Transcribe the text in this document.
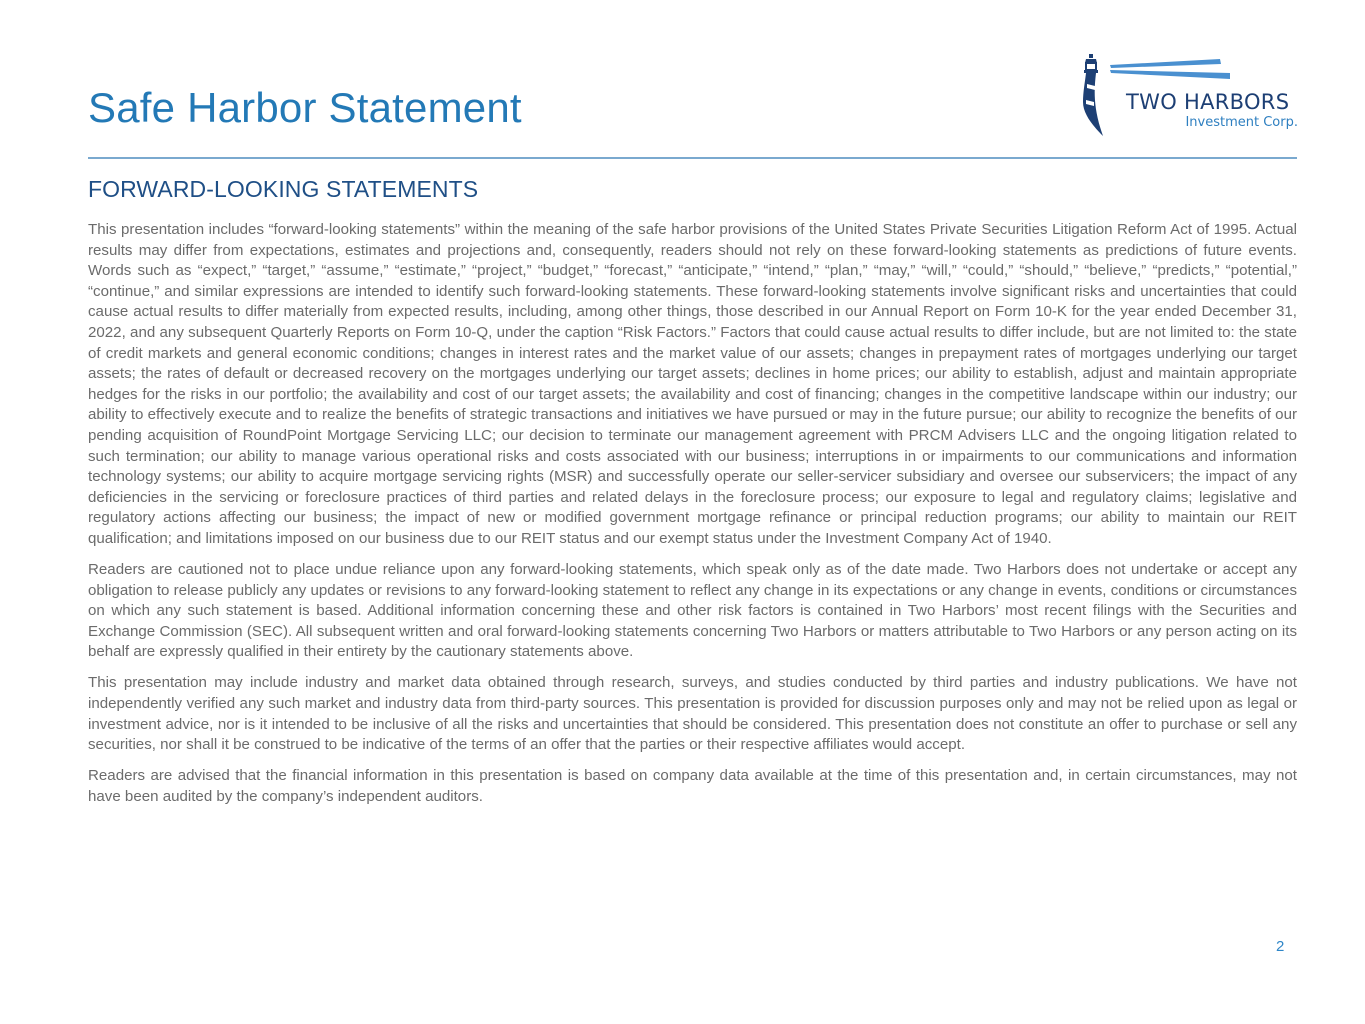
Safe Harbor Statement	TWO HARBORS
Investment Corp.
FORWARD-LOOKING STATEMENTS

This presentation includes “forward-looking statements” within the meaning of the safe harbor provisions of the United States Private Securities Litigation Reform Act of 1995. Actual results may differ from expectations, estimates and projections and, consequently, readers should not rely on these forward-looking statements as predictions of future events. Words such as “expect,” “target,” “assume,” “estimate,” “project,” “budget,” “forecast,” “anticipate,” “intend,” “plan,” “may,” “will,” “could,” “should,” “believe,” “predicts,” “potential,” “continue,” and similar expressions are intended to identify such forward-looking statements. These forward-looking statements involve significant risks and uncertainties that could cause actual results to differ materially from expected results, including, among other things, those described in our Annual Report on Form 10-K for the year ended December 31, 2022, and any subsequent Quarterly Reports on Form 10-Q, under the caption “Risk Factors.” Factors that could cause actual results to differ include, but are not limited to: the state of credit markets and general economic conditions; changes in interest rates and the market value of our assets; changes in prepayment rates of mortgages underlying our target assets; the rates of default or decreased recovery on the mortgages underlying our target assets; declines in home prices; our ability to establish, adjust and maintain appropriate hedges for the risks in our portfolio; the availability and cost of our target assets; the availability and cost of financing; changes in the competitive landscape within our industry; our ability to effectively execute and to realize the benefits of strategic transactions and initiatives we have pursued or may in the future pursue; our ability to recognize the benefits of our pending acquisition of RoundPoint Mortgage Servicing LLC; our decision to terminate our management agreement with PRCM Advisers LLC and the ongoing litigation related to such termination; our ability to manage various operational risks and costs associated with our business; interruptions in or impairments to our communications and information technology systems; our ability to acquire mortgage servicing rights (MSR) and successfully operate our seller-servicer subsidiary and oversee our subservicers; the impact of any deficiencies in the servicing or foreclosure practices of third parties and related delays in the foreclosure process; our exposure to legal and regulatory claims; legislative and regulatory actions affecting our business; the impact of new or modified government mortgage refinance or principal reduction programs; our ability to maintain our REIT qualification; and limitations imposed on our business due to our REIT status and our exempt status under the Investment Company Act of 1940.

Readers are cautioned not to place undue reliance upon any forward-looking statements, which speak only as of the date made. Two Harbors does not undertake or accept any obligation to release publicly any updates or revisions to any forward-looking statement to reflect any change in its expectations or any change in events, conditions or circumstances on which any such statement is based. Additional information concerning these and other risk factors is contained in Two Harbors’ most recent filings with the Securities and Exchange Commission (SEC). All subsequent written and oral forward-looking statements concerning Two Harbors or matters attributable to Two Harbors or any person acting on its behalf are expressly qualified in their entirety by the cautionary statements above.

This presentation may include industry and market data obtained through research, surveys, and studies conducted by third parties and industry publications. We have not independently verified any such market and industry data from third-party sources. This presentation is provided for discussion purposes only and may not be relied upon as legal or investment advice, nor is it intended to be inclusive of all the risks and uncertainties that should be considered. This presentation does not constitute an offer to purchase or sell any securities, nor shall it be construed to be indicative of the terms of an offer that the parties or their respective affiliates would accept.

Readers are advised that the financial information in this presentation is based on company data available at the time of this presentation and, in certain circumstances, may not have been audited by the company’s independent auditors.

2
